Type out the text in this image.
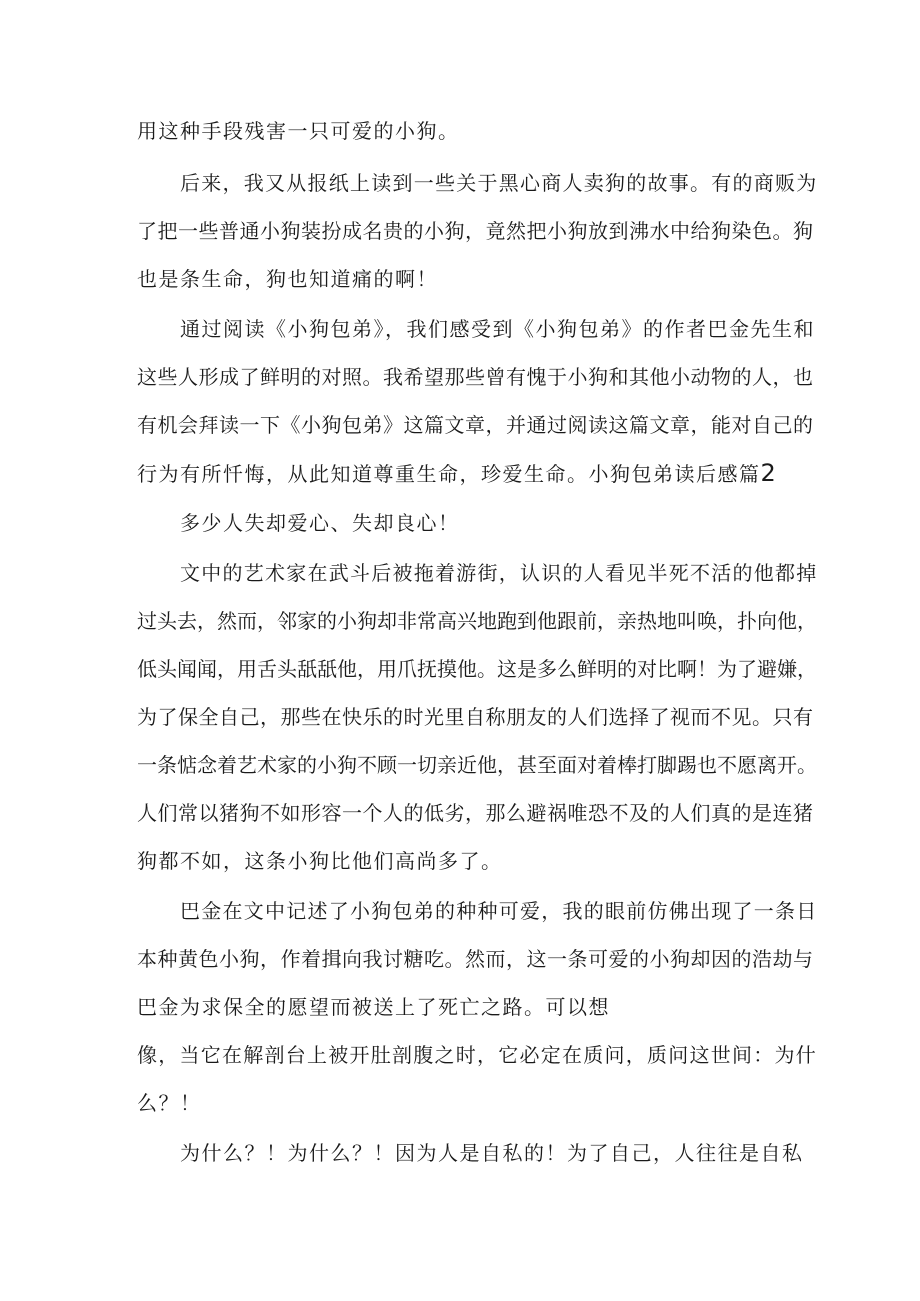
用这种手段残害一只可爱的小狗。

后来，我又从报纸上读到一些关于黑心商人卖狗的故事。有的商贩为

了把一些普通小狗装扮成名贵的小狗，竟然把小狗放到沸水中给狗染色。狗

也是条生命，狗也知道痛的啊！

通过阅读《小狗包弟》，我们感受到《小狗包弟》的作者巴金先生和

这些人形成了鲜明的对照。我希望那些曾有愧于小狗和其他小动物的人，也

有机会拜读一下《小狗包弟》这篇文章，并通过阅读这篇文章，能对自己的

行为有所忏悔，从此知道尊重生命，珍爱生命。小狗包弟读后感篇2

多少人失却爱心、失却良心！

文中的艺术家在武斗后被拖着游街，认识的人看见半死不活的他都掉

过头去，然而，邻家的小狗却非常高兴地跑到他跟前，亲热地叫唤，扑向他，

低头闻闻，用舌头舐舐他，用爪抚摸他。这是多么鲜明的对比啊！为了避嫌，

为了保全自己，那些在快乐的时光里自称朋友的人们选择了视而不见。只有

一条惦念着艺术家的小狗不顾一切亲近他，甚至面对着棒打脚踢也不愿离开。

人们常以猪狗不如形容一个人的低劣，那么避祸唯恐不及的人们真的是连猪

狗都不如，这条小狗比他们高尚多了。

巴金在文中记述了小狗包弟的种种可爱，我的眼前仿佛出现了一条日

本种黄色小狗，作着揖向我讨糖吃。然而，这一条可爱的小狗却因的浩劫与

巴金为求保全的愿望而被送上了死亡之路。可以想

像，当它在解剖台上被开肚剖腹之时，它必定在质问，质问这世间：为什

么？！

为什么？！为什么？！因为人是自私的！为了自己，人往往是自私
